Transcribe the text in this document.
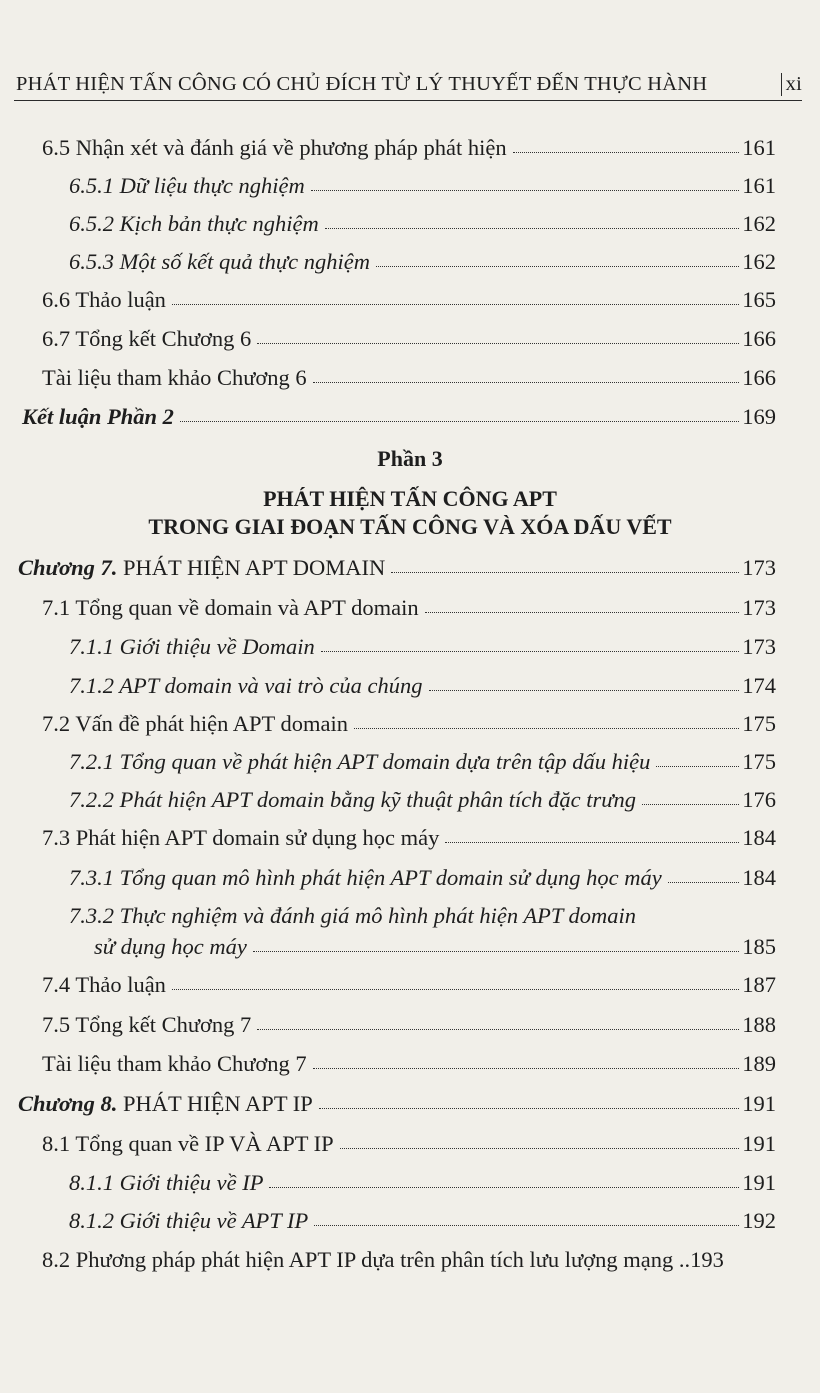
PHÁT HIỆN TẤN CÔNG CÓ CHỦ ĐÍCH TỪ LÝ THUYẾT ĐẾN THỰC HÀNH	xi
6.5 Nhận xét và đánh giá về phương pháp phát hiện	161
6.5.1 Dữ liệu thực nghiệm	161
6.5.2 Kịch bản thực nghiệm	162
6.5.3 Một số kết quả thực nghiệm	162
6.6 Thảo luận	165
6.7 Tổng kết Chương 6	166
Tài liệu tham khảo Chương 6	166
Kết luận Phần 2	169
Phần 3
PHÁT HIỆN TẤN CÔNG APT
TRONG GIAI ĐOẠN TẤN CÔNG VÀ XÓA DẤU VẾT
Chương 7. PHÁT HIỆN APT DOMAIN	173
7.1 Tổng quan về domain và APT domain	173
7.1.1 Giới thiệu về Domain	173
7.1.2 APT domain và vai trò của chúng	174
7.2 Vấn đề phát hiện APT domain	175
7.2.1 Tổng quan về phát hiện APT domain dựa trên tập dấu hiệu	175
7.2.2 Phát hiện APT domain bằng kỹ thuật phân tích đặc trưng	176
7.3 Phát hiện APT domain sử dụng học máy	184
7.3.1 Tổng quan mô hình phát hiện APT domain sử dụng học máy	184
7.3.2 Thực nghiệm và đánh giá mô hình phát hiện APT domain
sử dụng học máy	185
7.4 Thảo luận	187
7.5 Tổng kết Chương 7	188
Tài liệu tham khảo Chương 7	189
Chương 8. PHÁT HIỆN APT IP	191
8.1 Tổng quan về IP VÀ APT IP	191
8.1.1 Giới thiệu về IP	191
8.1.2 Giới thiệu về APT IP	192
8.2 Phương pháp phát hiện APT IP dựa trên phân tích lưu lượng mạng .. 193
